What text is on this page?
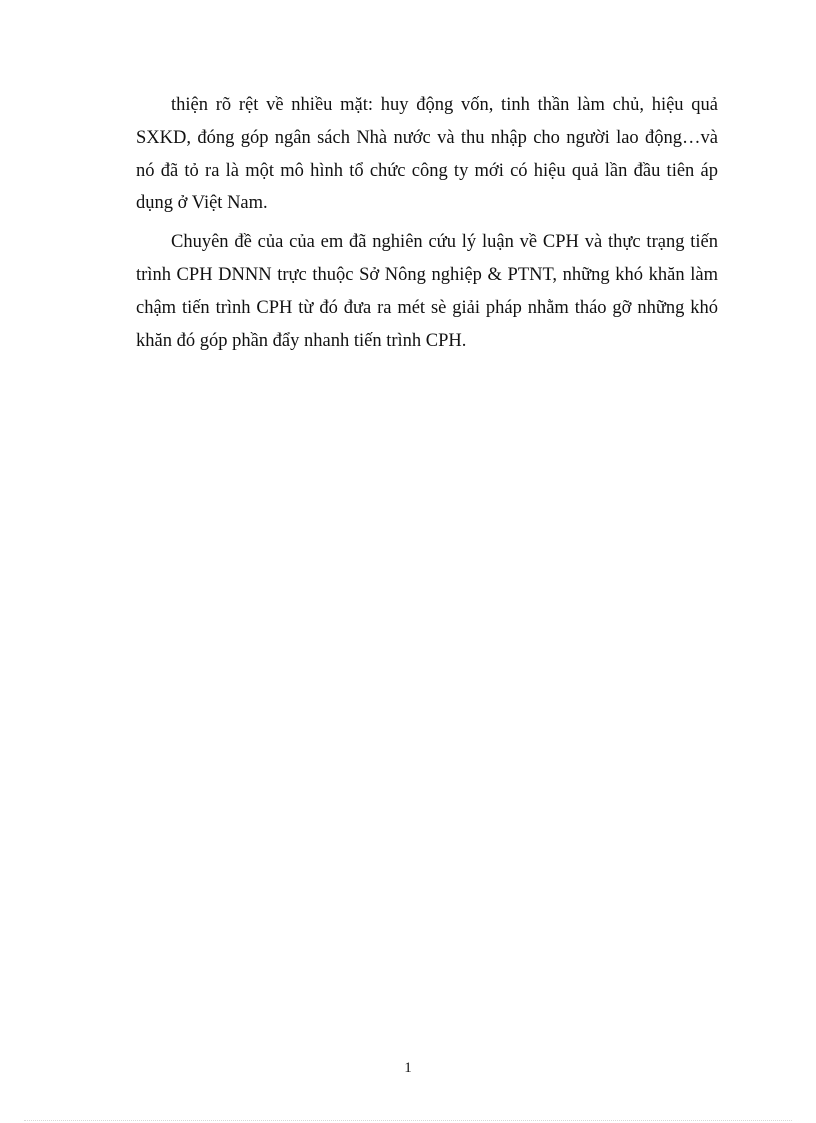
thiện rõ rệt về nhiều mặt: huy động vốn, tinh thần làm chủ, hiệu quả SXKD, đóng góp ngân sách Nhà nước và thu nhập cho người lao động…và nó đã tỏ ra là một mô hình tổ chức công ty mới có hiệu quả lần đầu tiên áp dụng ở Việt Nam.

Chuyên đề của của em đã nghiên cứu lý luận về CPH và thực trạng tiến trình CPH DNNN trực thuộc Sở Nông nghiệp & PTNT, những khó khăn làm chậm tiến trình CPH từ đó đưa ra mét sè giải pháp nhằm tháo gỡ những khó khăn đó góp phần đẩy nhanh tiến trình CPH.

1
